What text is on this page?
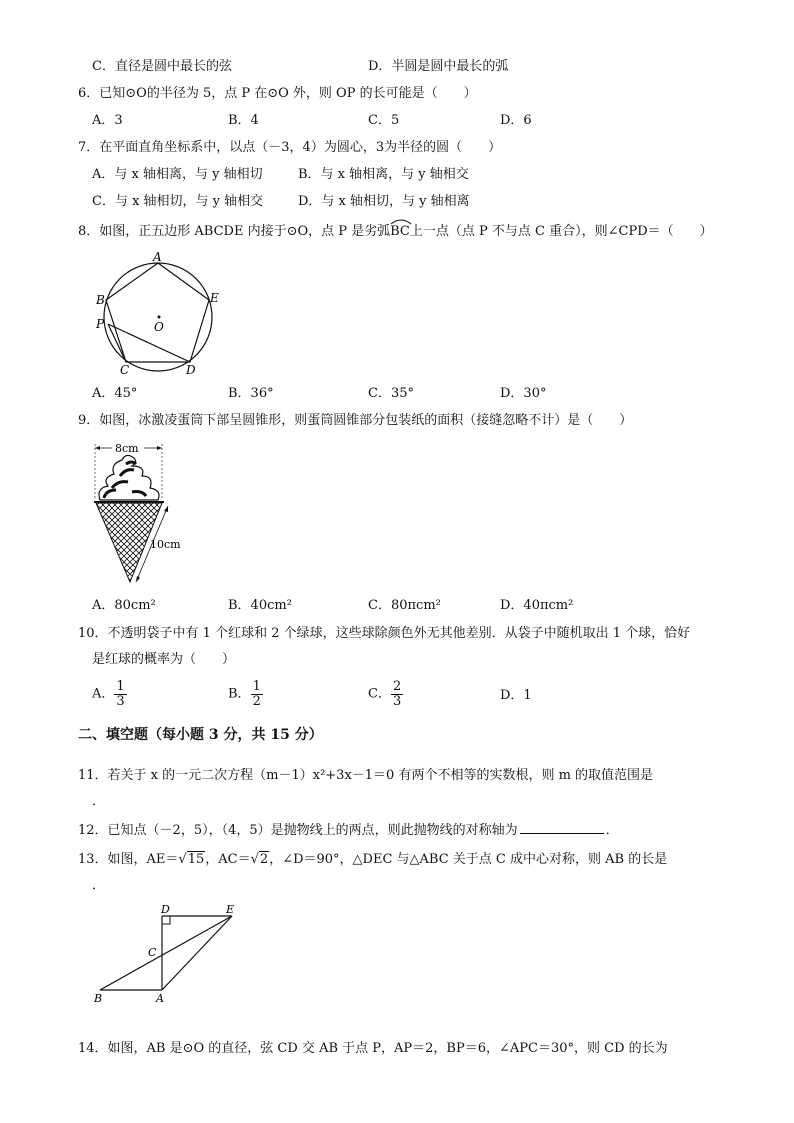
C．直径是圆中最长的弦	D．半圆是圆中最长的弧
6．已知⊙O的半径为 5，点 P 在⊙O 外，则 OP 的长可能是（　　）
A．3	B．4	C．5	D．6
7．在平面直角坐标系中，以点（－3，4）为圆心，3为半径的圆（　　）
A．与 x 轴相离，与 y 轴相切	B．与 x 轴相离，与 y 轴相交
C．与 x 轴相切，与 y 轴相交	D．与 x 轴相切，与 y 轴相离
8．如图，正五边形 ABCDE 内接于⊙O，点 P 是劣弧
BC上一点（点 P 不与点 C 重合），则∠CPD＝（　　）
A
E
B
P
C	D
O
A．45°	B．36°	C．35°	D．30°
9．如图，冰激凌蛋筒下部呈圆锥形，则蛋筒圆锥部分包装纸的面积（接缝忽略不计）是（　　）
8cm
10cm
A．80cm²	B．40cm²	C．80πcm²	D．40πcm²
10．不透明袋子中有 1 个红球和 2 个绿球，这些球除颜色外无其他差别．从袋子中随机取出 1 个球，恰好
是红球的概率为（　　）
A． $\frac{1}{3}$	B． $\frac{1}{2}$	C． $\frac{2}{3}$	D．1
二、填空题（每小题 3 分，共 15 分）
11．若关于 x 的一元二次方程（m－1）x²+3x－1＝0 有两个不相等的实数根，则 m 的取值范围是
．
12．已知点（－2，5），（4，5）是抛物线上的两点，则此抛物线的对称轴为	．
13．如图，AE＝√15，AC＝√2，∠D＝90°，△DEC 与△ABC 关于点 C 成中心对称，则 AB 的长是
．
D	E
C
B	A
14．如图，AB 是⊙O 的直径，弦 CD 交 AB 于点 P，AP＝2，BP＝6，∠APC＝30°，则 CD 的长为
